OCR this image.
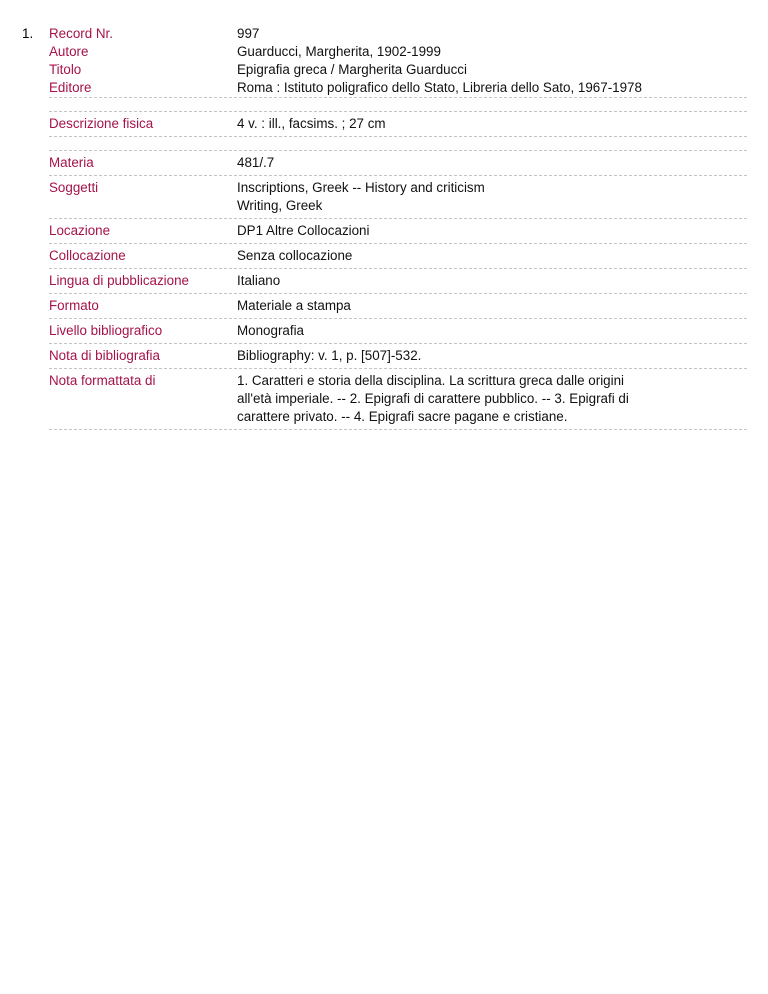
1. Record Nr.	997
Autore	Guarducci, Margherita, 1902-1999
Titolo	Epigrafia greca / Margherita Guarducci
Editore	Roma : Istituto poligrafico dello Stato, Libreria dello Sato, 1967-1978
Descrizione fisica	4 v. : ill., facsims. ; 27 cm
Materia	481/.7
Soggetti	Inscriptions, Greek -- History and criticism
Writing, Greek
Locazione	DP1 Altre Collocazioni
Collocazione	Senza collocazione
Lingua di pubblicazione	Italiano
Formato	Materiale a stampa
Livello bibliografico	Monografia
Nota di bibliografia	Bibliography: v. 1, p. [507]-532.
Nota formattata di	1. Caratteri e storia della disciplina. La scrittura greca dalle origini
all'età imperiale. -- 2. Epigrafi di carattere pubblico. -- 3. Epigrafi di
carattere privato. -- 4. Epigrafi sacre pagane e cristiane.
